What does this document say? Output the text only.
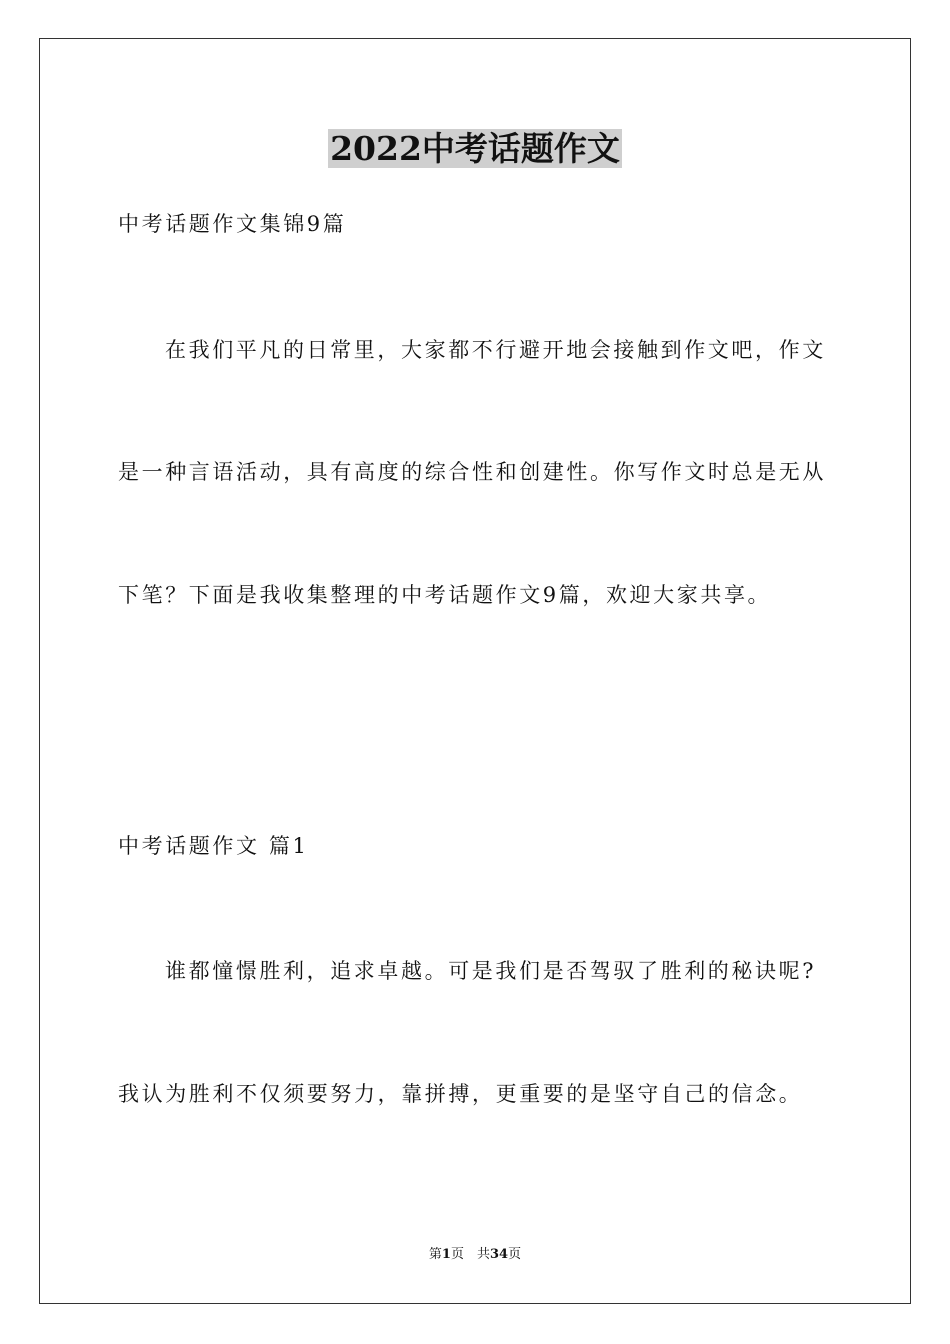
2022中考话题作文

中考话题作文集锦9篇

在我们平凡的日常里，大家都不行避开地会接触到作文吧，作文

是一种言语活动，具有高度的综合性和创建性。你写作文时总是无从

下笔？下面是我收集整理的中考话题作文9篇，欢迎大家共享。

中考话题作文 篇1

谁都憧憬胜利，追求卓越。可是我们是否驾驭了胜利的秘诀呢?

我认为胜利不仅须要努力，靠拼搏，更重要的是坚守自己的信念。

第1页　共34页
